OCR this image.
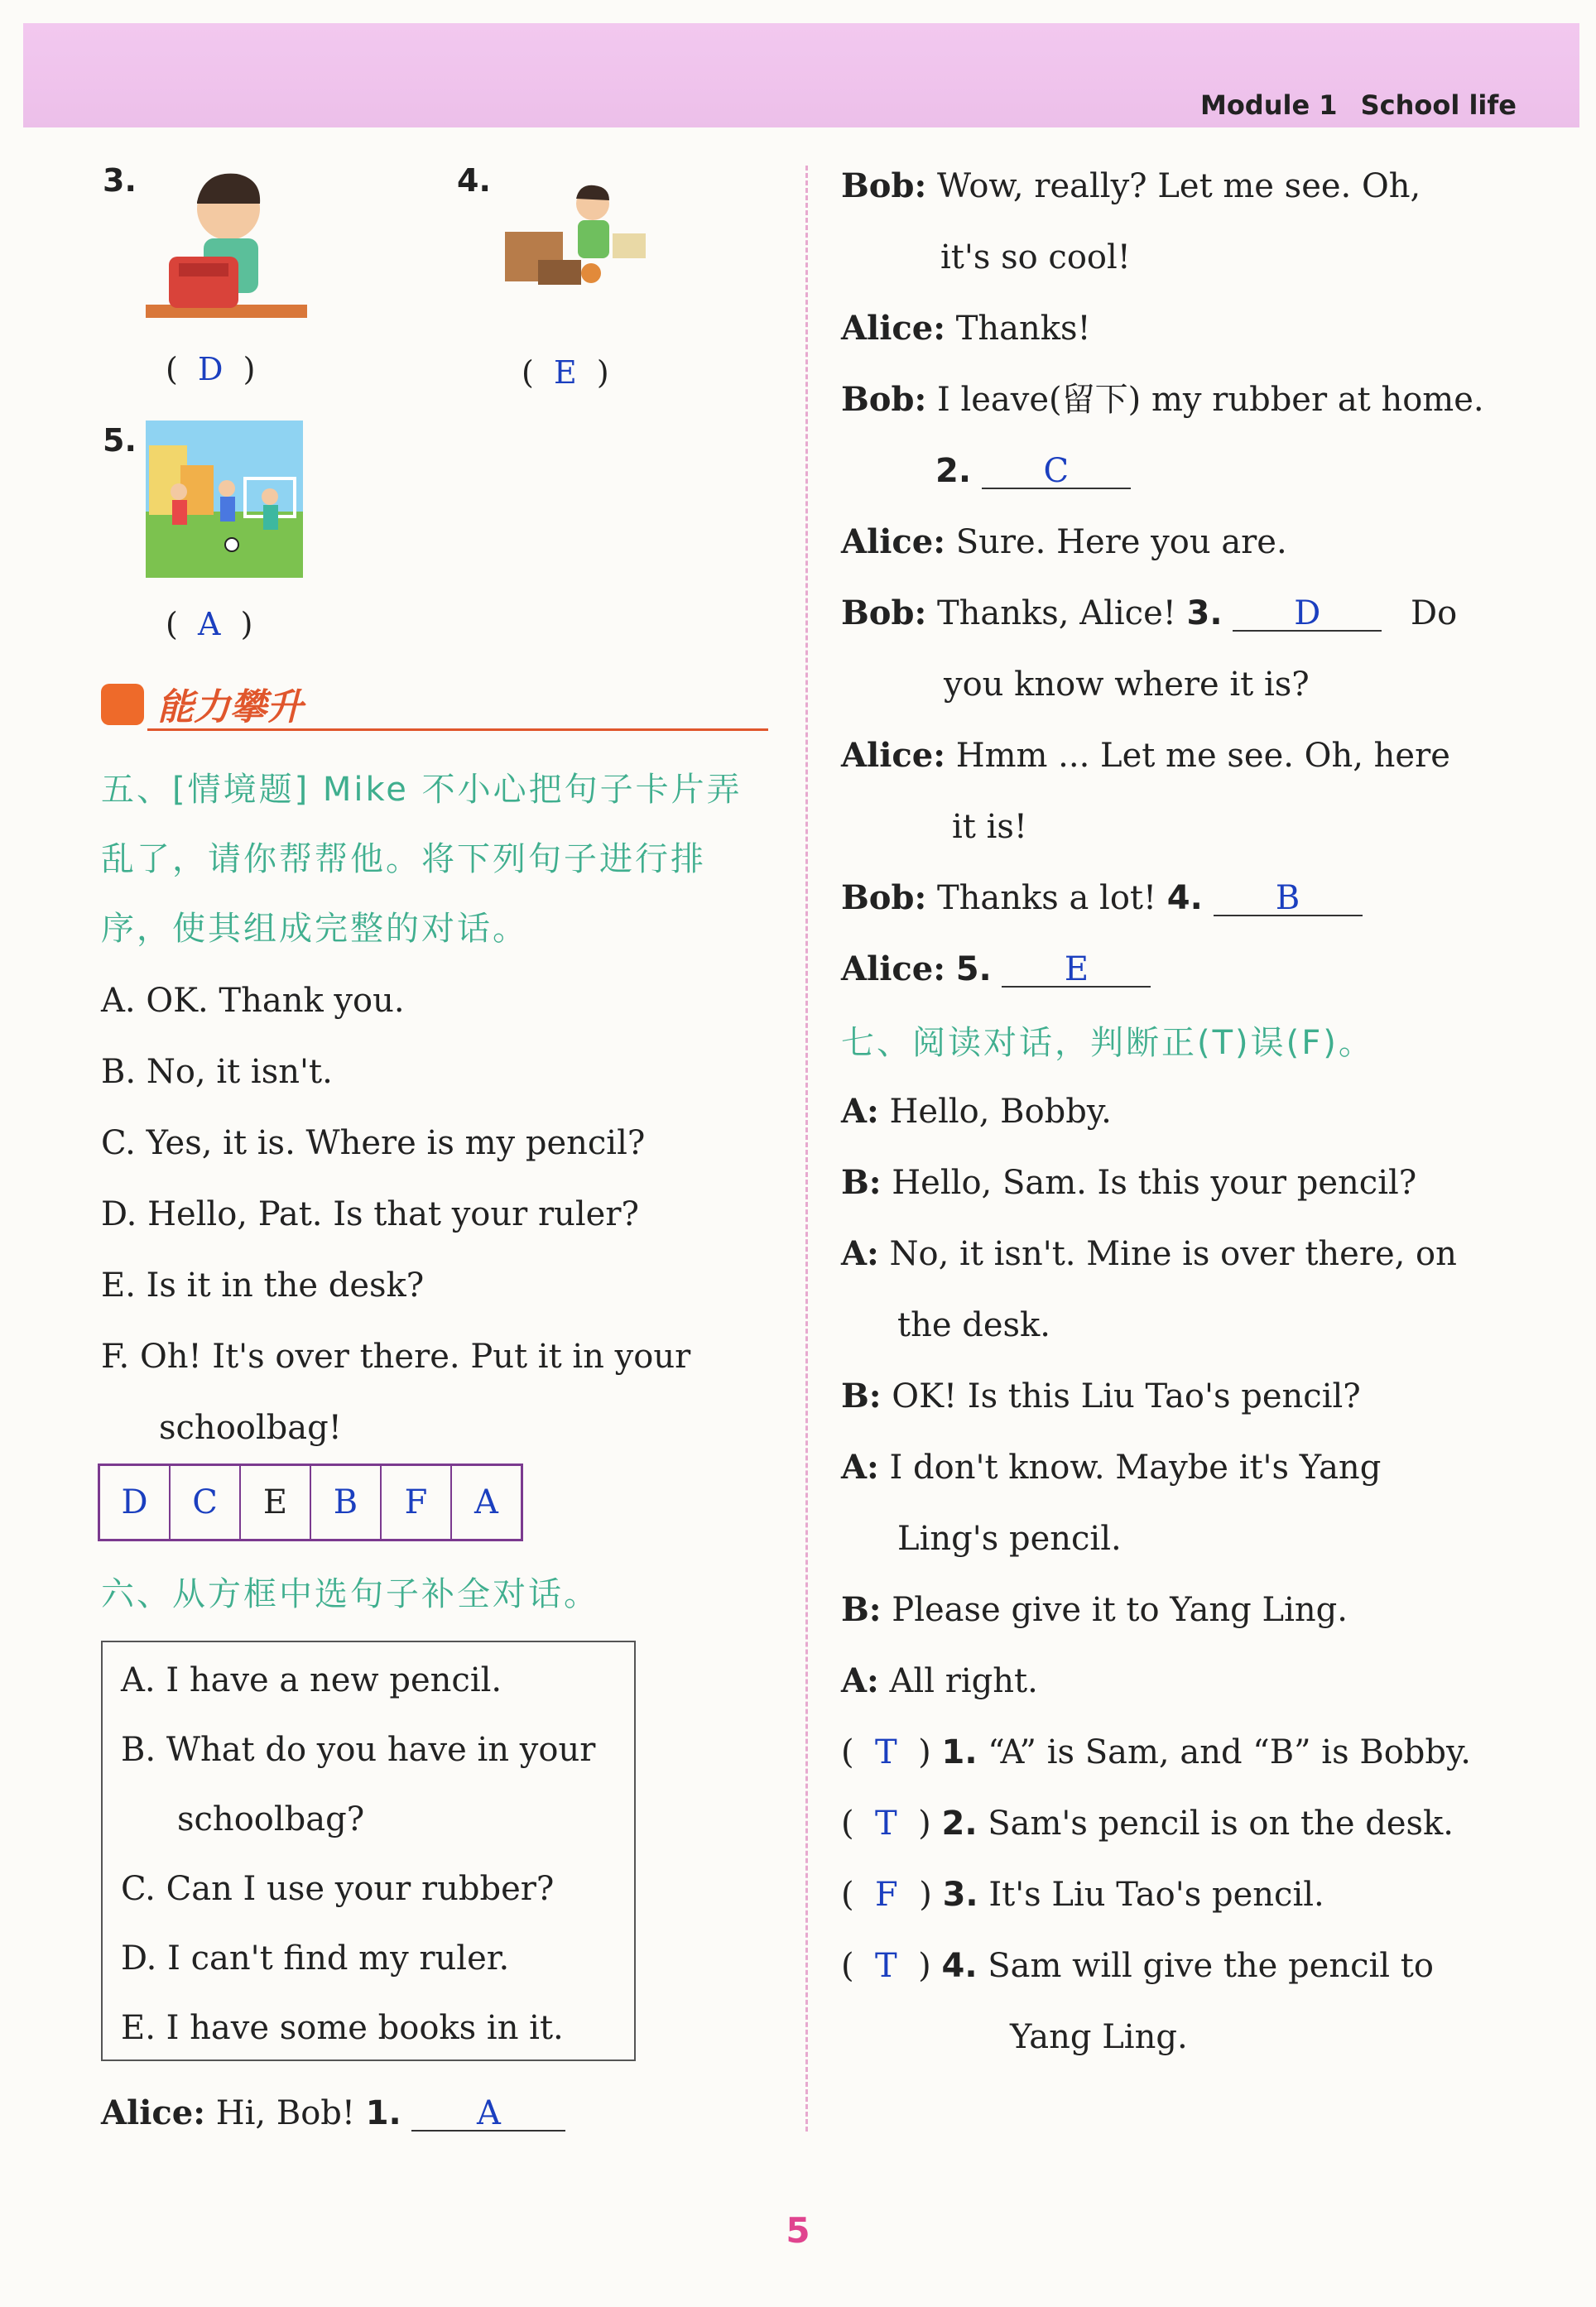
Module 1 School life
3.
(  D  )
4.
(  E  )
5.
(  A  )
能力攀升
五、[情境题] Mike 不小心把句子卡片弄
乱了，请你帮帮他。将下列句子进行排
序，使其组成完整的对话。
A. OK. Thank you.
B. No, it isn't.
C. Yes, it is. Where is my pencil?
D. Hello, Pat. Is that your ruler?
E. Is it in the desk?
F. Oh! It's over there. Put it in your
schoolbag!
D	C	E	B	F	A
六、从方框中选句子补全对话。
A. I have a new pencil.
B. What do you have in your
schoolbag?
C. Can I use your rubber?
D. I can't find my ruler.
E. I have some books in it.
Alice: Hi, Bob! 1. A
Bob: Wow, really? Let me see. Oh,
it's so cool!
Alice: Thanks!
Bob: I leave(留下) my rubber at home.
2. C
Alice: Sure. Here you are.
Bob: Thanks, Alice! 3. D	Do
you know where it is?
Alice: Hmm ... Let me see. Oh, here
it is!
Bob: Thanks a lot! 4. B
Alice: 5. E
七、阅读对话，判断正(T)误(F)。
A: Hello, Bobby.
B: Hello, Sam. Is this your pencil?
A: No, it isn't. Mine is over there, on
the desk.
B: OK! Is this Liu Tao's pencil?
A: I don't know. Maybe it's Yang
Ling's pencil.
B: Please give it to Yang Ling.
A: All right.
(  T  ) 1. “A” is Sam, and “B” is Bobby.
(  T  ) 2. Sam's pencil is on the desk.
(  F  ) 3. It's Liu Tao's pencil.
(  T  ) 4. Sam will give the pencil to
Yang Ling.
5
